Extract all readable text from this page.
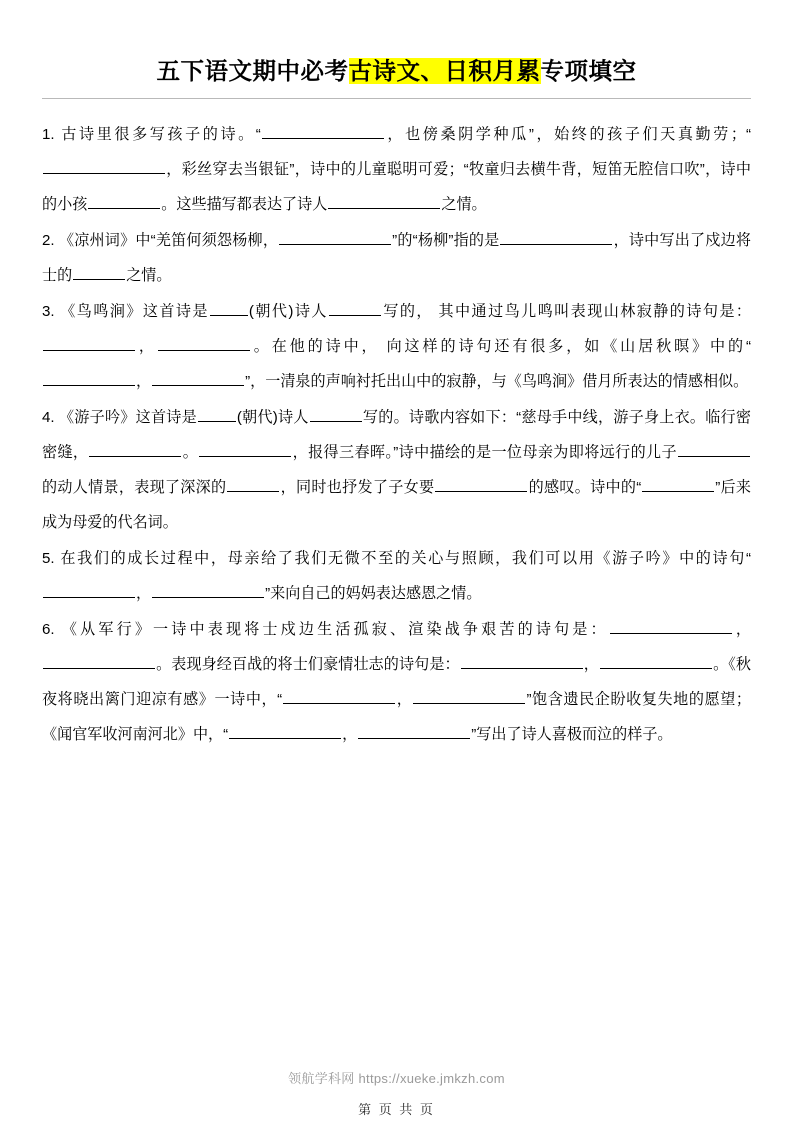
五下语文期中必考古诗文、日积月累专项填空
1. 古诗里很多写孩子的诗。“	，也傍桑阴学种瓜”，始终的孩子们天真勤劳；“，彩丝穿去当银钲”，诗中的儿童聪明可爱；“牧童归去横牛背，短笛无腔信口吹”，诗中的小孩	。这些描写都表达了诗人	之情。
2. 《凉州词》中“羌笛何须怨杨柳，	”的“杨柳”指的是	，诗中写出了戍边将士的	之情。
3. 《鸟鸣涧》这首诗是	(朝代)诗人	写的， 其中通过鸟儿鸣叫表现山林寂静的诗句是：，	。在他的诗中， 向这样的诗句还有很多，如《山居秋暝》中的“，	”，一清泉的声响衬托出山中的寂静，与《鸟鸣涧》借月所表达的情感相似。
4. 《游子吟》这首诗是	(朝代)诗人	写的。诗歌内容如下：“慈母手中线，游子身上衣。临行密密缝，	。	，报得三春晖。”诗中描绘的是一位母亲为即将远行的儿子的动人情景，表现了深深的	，同时也抒发了子女要	的感叹。诗中的“	”后来成为母爱的代名词。
5. 在我们的成长过程中，母亲给了我们无微不至的关心与照顾，我们可以用《游子吟》中的诗句“，	”来向自己的妈妈表达感恩之情。
6. 《从军行》一诗中表现将士戍边生活孤寂、渲染战争艰苦的诗句是：	，。表现身经百战的将士们豪情壮志的诗句是：	，	。《秋夜将晓出篱门迎凉有感》一诗中，“	，	”饱含遗民企盼收复失地的愿望；《闻官军收河南河北》中，“	，	”写出了诗人喜极而泣的样子。
领航学科网 https://xueke.jmkzh.com
第 页 共 页
